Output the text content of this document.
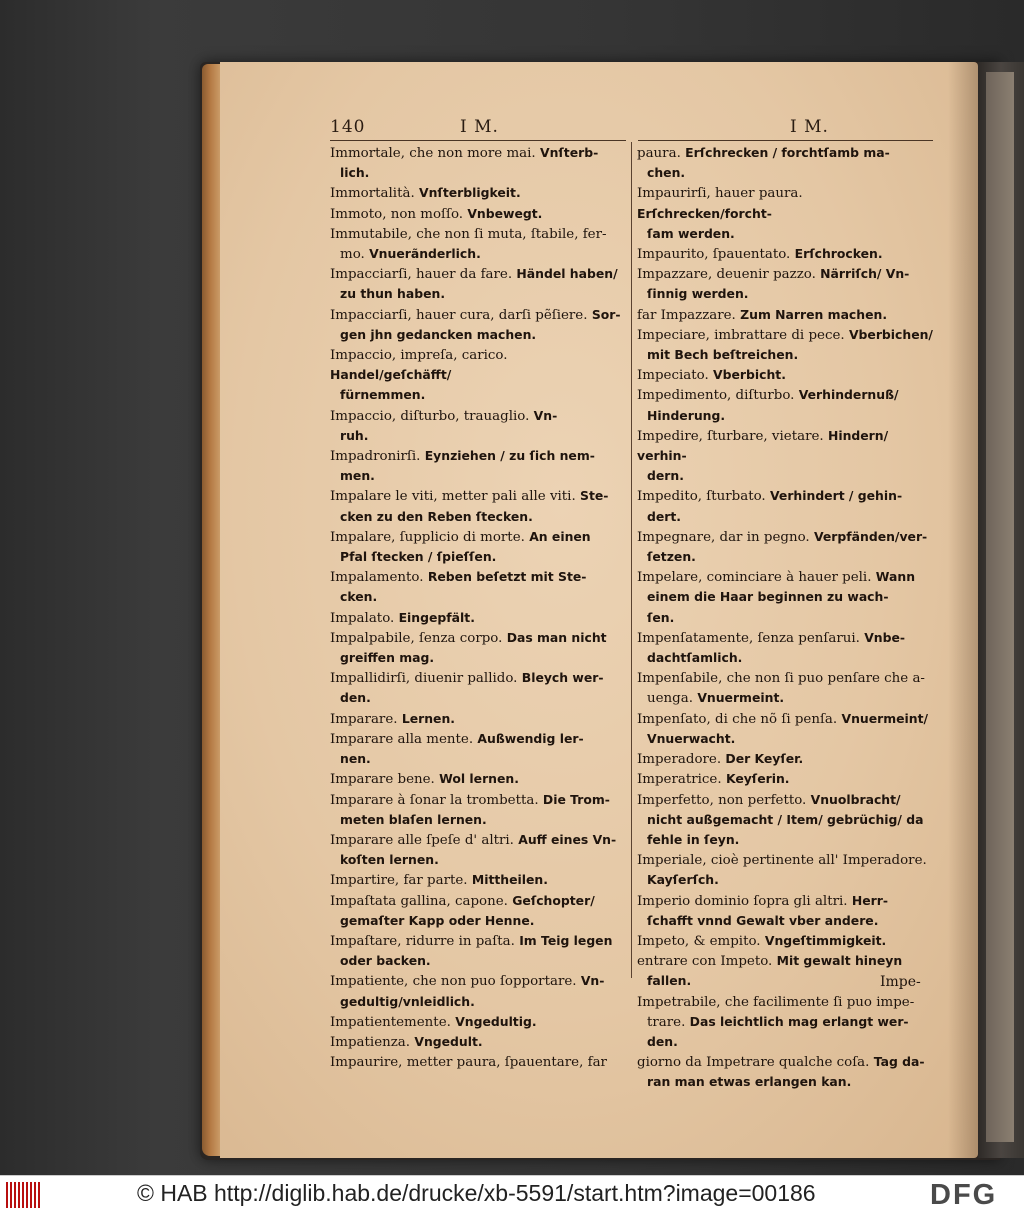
140	I M.	I M.
Immortale, che non more mai. Vnſterb-
lich.
Immortalità. Vnſterbligkeit.
Immoto, non moſſo. Vnbewegt.
Immutabile, che non ſi muta, ſtabile, fer-
mo. Vnuerãnderlich.
Impacciarſi, hauer da fare. Händel haben/
zu thun haben.
Impacciarſi, hauer cura, darſi pẽſiere. Sor-
gen jhn gedancken machen.
Impaccio, impreſa, carico. Handel/geſchäfft/
fürnemmen.
Impaccio, diſturbo, trauaglio. Vn-
ruh.
Impadronirſi. Eynziehen / zu ſich nem-
men.
Impalare le viti, metter pali alle viti. Ste-
cken zu den Reben ſtecken.
Impalare, ſupplicio di morte. An einen
Pfal ſtecken / ſpieſſen.
Impalamento. Reben beſetzt mit Ste-
cken.
Impalato. Eingepfält.
Impalpabile, ſenza corpo. Das man nicht
greiffen mag.
Impallidirſi, diuenir pallido. Bleych wer-
den.
Imparare. Lernen.
Imparare alla mente. Außwendig ler-
nen.
Imparare bene. Wol lernen.
Imparare à ſonar la trombetta. Die Trom-
meten blaſen lernen.
Imparare alle ſpeſe d' altri. Auff eines Vn-
koſten lernen.
Impartire, far parte. Mittheilen.
Impaſtata gallina, capone. Geſchopter/
gemaſter Kapp oder Henne.
Impaſtare, ridurre in paſta. Im Teig legen
oder backen.
Impatiente, che non puo ſopportare. Vn-
gedultig/vnleidlich.
Impatientemente. Vngedultig.
Impatienza. Vngedult.
Impaurire, metter paura, ſpauentare, far
paura. Erſchrecken / forchtſamb ma-
chen.
Impaurirſi, hauer paura. Erſchrecken/forcht-
ſam werden.
Impaurito, ſpauentato. Erſchrocken.
Impazzare, deuenir pazzo. Närriſch/ Vn-
ſinnig werden.
far Impazzare. Zum Narren machen.
Impeciare, imbrattare di pece. Vberbichen/
mit Bech beſtreichen.
Impeciato. Vberbicht.
Impedimento, diſturbo. Verhindernuß/
Hinderung.
Impedire, ſturbare, vietare. Hindern/ verhin-
dern.
Impedito, ſturbato. Verhindert / gehin-
dert.
Impegnare, dar in pegno. Verpfänden/ver-
ſetzen.
Impelare, cominciare à hauer peli. Wann
einem die Haar beginnen zu wach-
ſen.
Impenſatamente, ſenza penſarui. Vnbe-
dachtſamlich.
Impenſabile, che non ſi puo penſare che a-
uenga. Vnuermeint.
Impenſato, di che nõ ſi penſa. Vnuermeint/
Vnuerwacht.
Imperadore. Der Keyſer.
Imperatrice. Keyſerin.
Imperfetto, non perfetto. Vnuolbracht/
nicht außgemacht / Item/ gebrüchig/ da
fehle in ſeyn.
Imperiale, cioè pertinente all' Imperadore.
Kayſerſch.
Imperio dominio ſopra gli altri. Herr-
ſchafft vnnd Gewalt vber andere.
Impeto, & empito. Vngeſtimmigkeit.
entrare con Impeto. Mit gewalt hineyn
fallen.
Impetrabile, che facilimente ſi puo impe-
trare. Das leichtlich mag erlangt wer-
den.
giorno da Impetrare qualche coſa. Tag da-
ran man etwas erlangen kan.
Impe-
© HAB http://diglib.hab.de/drucke/xb-5591/start.htm?image=00186	DFG
